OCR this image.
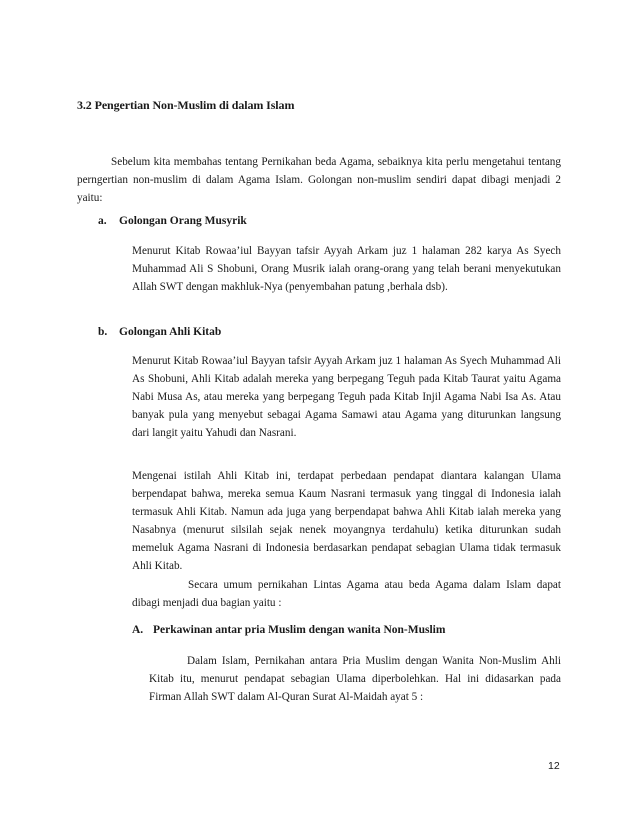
3.2 Pengertian Non-Muslim di dalam Islam
Sebelum kita membahas tentang Pernikahan beda Agama, sebaiknya kita perlu mengetahui tentang perngertian non-muslim di dalam Agama Islam. Golongan non-muslim sendiri dapat dibagi menjadi 2 yaitu:
a. Golongan Orang Musyrik
Menurut Kitab Rowaa’iul Bayyan tafsir Ayyah Arkam juz 1 halaman 282 karya As Syech Muhammad Ali S Shobuni, Orang Musrik ialah orang-orang yang telah berani menyekutukan Allah SWT dengan makhluk-Nya (penyembahan patung ,berhala dsb).
b. Golongan Ahli Kitab
Menurut Kitab Rowaa’iul Bayyan tafsir Ayyah Arkam juz 1 halaman As Syech Muhammad Ali As Shobuni, Ahli Kitab adalah mereka yang berpegang Teguh pada Kitab Taurat yaitu Agama Nabi Musa As, atau mereka yang berpegang Teguh pada Kitab Injil Agama Nabi Isa As. Atau banyak pula yang menyebut sebagai Agama Samawi atau Agama yang diturunkan langsung dari langit yaitu Yahudi dan Nasrani.
Mengenai istilah Ahli Kitab ini, terdapat perbedaan pendapat diantara kalangan Ulama berpendapat bahwa, mereka semua Kaum Nasrani termasuk yang tinggal di Indonesia ialah termasuk Ahli Kitab. Namun ada juga yang berpendapat bahwa Ahli Kitab ialah mereka yang Nasabnya (menurut silsilah sejak nenek moyangnya terdahulu) ketika diturunkan sudah memeluk Agama Nasrani di Indonesia berdasarkan pendapat sebagian Ulama tidak termasuk Ahli Kitab.
Secara umum pernikahan Lintas Agama atau beda Agama dalam Islam dapat dibagi menjadi dua bagian yaitu :
A. Perkawinan antar pria Muslim dengan wanita Non-Muslim
Dalam Islam, Pernikahan antara Pria Muslim dengan Wanita Non-Muslim Ahli Kitab itu, menurut pendapat sebagian Ulama diperbolehkan. Hal ini didasarkan pada Firman Allah SWT dalam Al-Quran Surat Al-Maidah ayat 5 :
12
